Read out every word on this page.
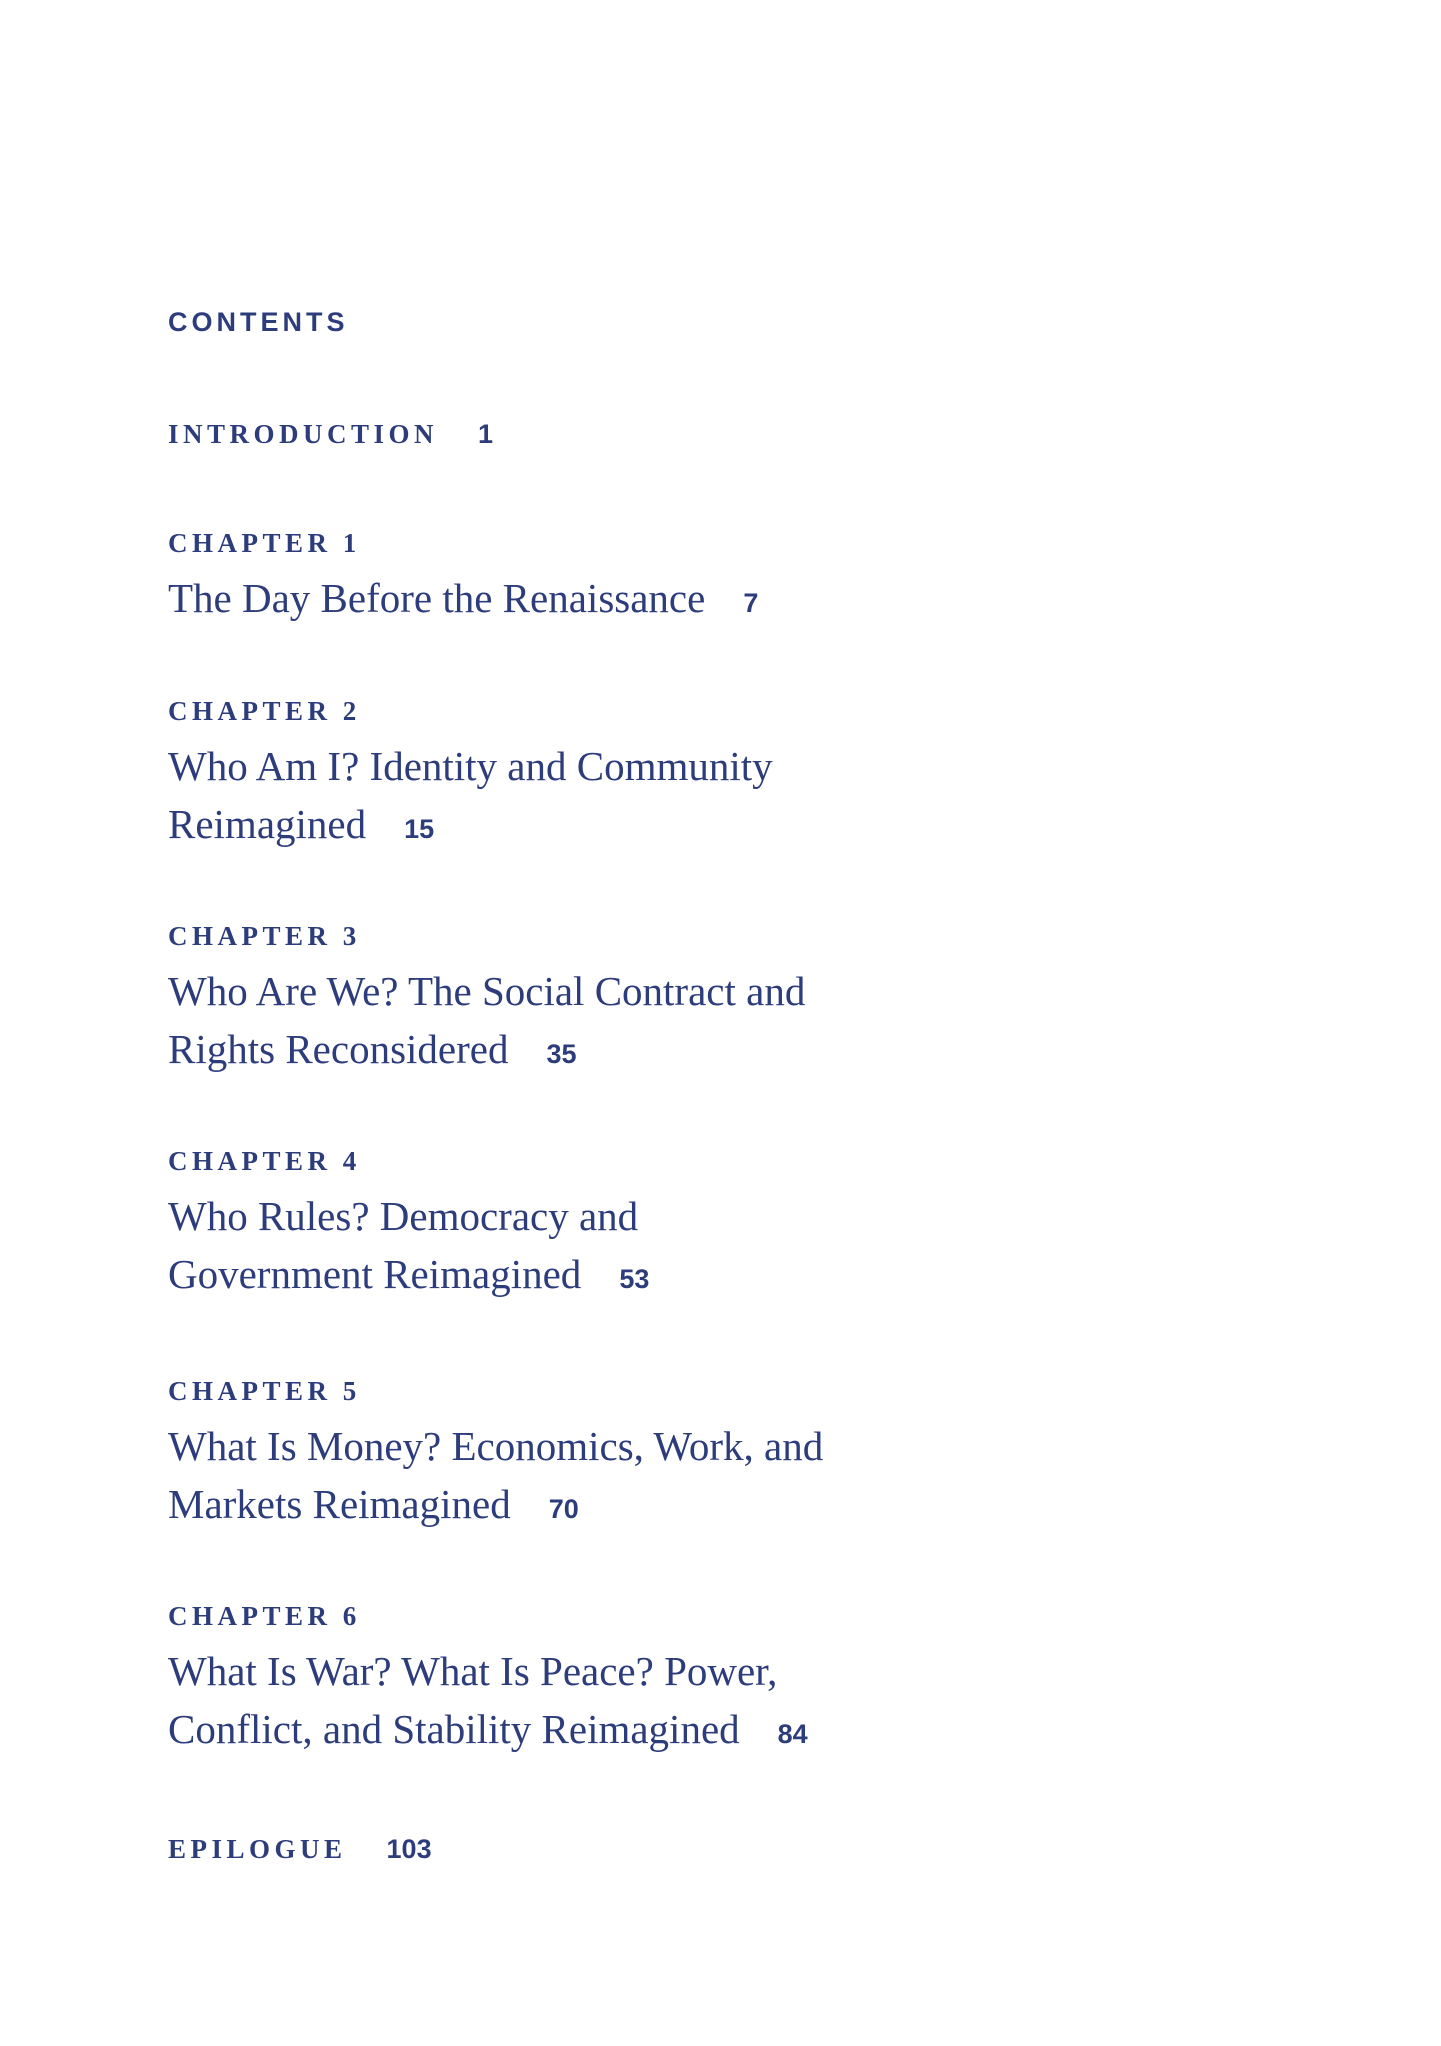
CONTENTS
INTRODUCTION 1
CHAPTER 1
The Day Before the Renaissance 7
CHAPTER 2
Who Am I? Identity and Community
Reimagined 15
CHAPTER 3
Who Are We? The Social Contract and
Rights Reconsidered 35
CHAPTER 4
Who Rules? Democracy and
Government Reimagined 53
CHAPTER 5
What Is Money? Economics, Work, and
Markets Reimagined 70
CHAPTER 6
What Is War? What Is Peace? Power,
Conflict, and Stability Reimagined 84
EPILOGUE 103
